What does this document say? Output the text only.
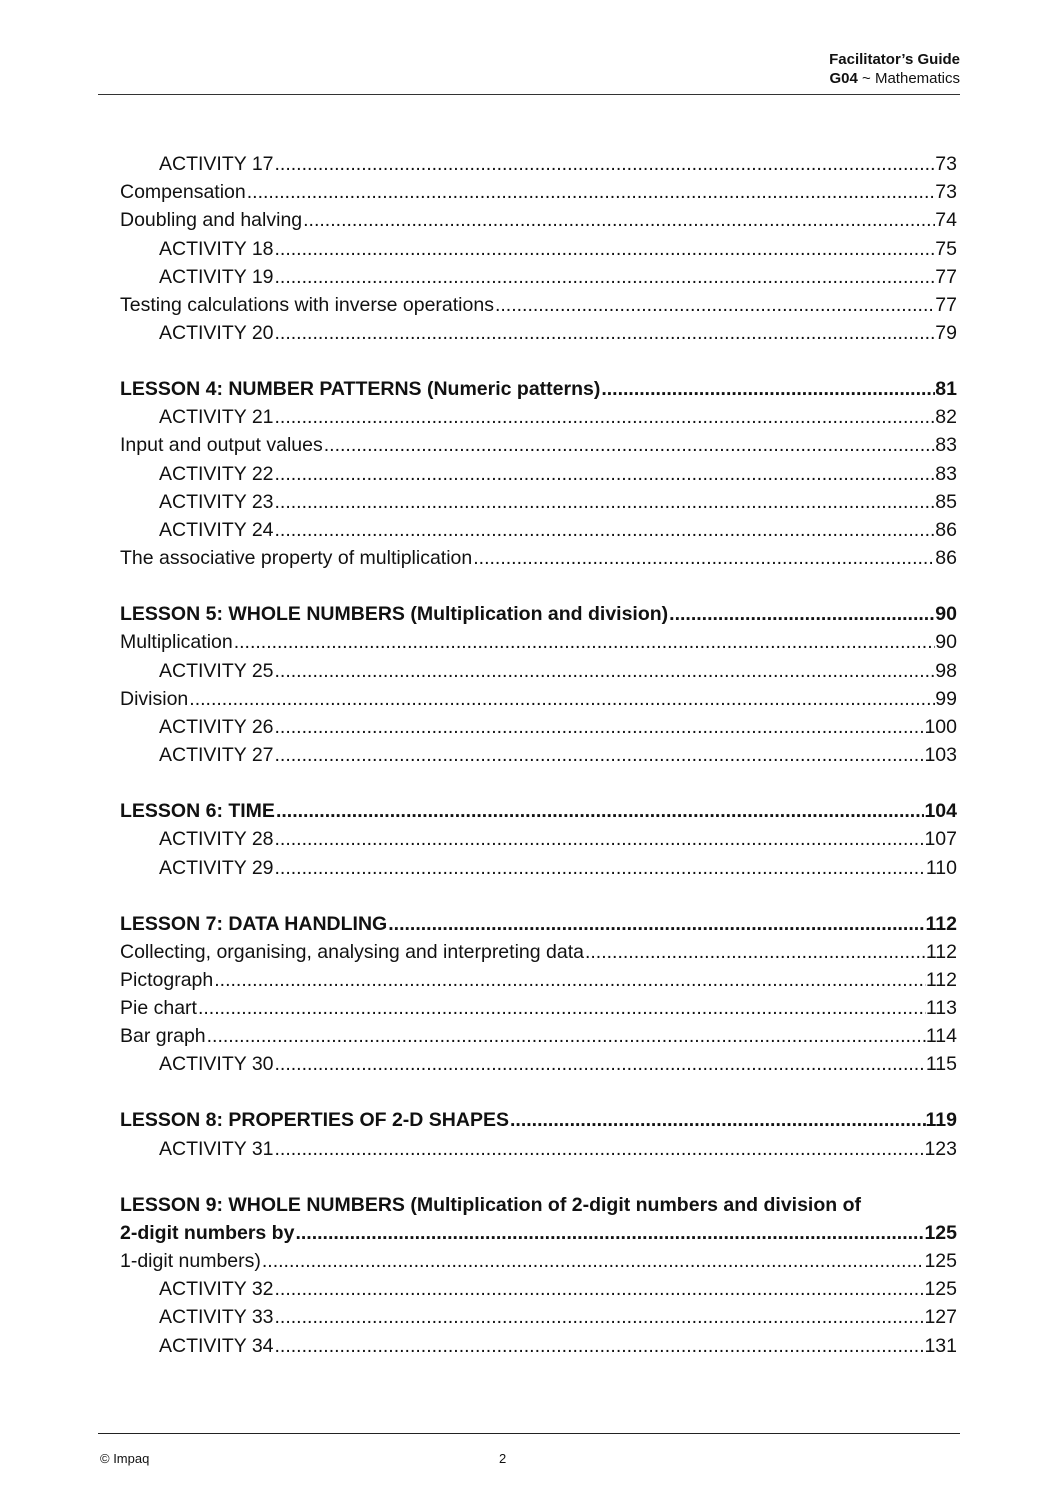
Facilitator’s Guide
G04 ~ Mathematics
ACTIVITY 17 .....	73
Compensation .....	73
Doubling and halving .....	74
ACTIVITY 18 .....	75
ACTIVITY 19 .....	77
Testing calculations with inverse operations .....	77
ACTIVITY 20 .....	79
LESSON 4: NUMBER PATTERNS (Numeric patterns) .....	81
ACTIVITY 21 .....	82
Input and output values .....	83
ACTIVITY 22 .....	83
ACTIVITY 23 .....	85
ACTIVITY 24 .....	86
The associative property of multiplication .....	86
LESSON 5: WHOLE NUMBERS (Multiplication and division) .....	90
Multiplication .....	90
ACTIVITY 25 .....	98
Division .....	99
ACTIVITY 26 .....	100
ACTIVITY 27 .....	103
LESSON 6: TIME .....	104
ACTIVITY 28 .....	107
ACTIVITY 29 .....	110
LESSON 7: DATA HANDLING .....	112
Collecting, organising, analysing and interpreting data .....	112
Pictograph .....	112
Pie chart .....	113
Bar graph .....	114
ACTIVITY 30 .....	115
LESSON 8: PROPERTIES OF 2-D SHAPES .....	119
ACTIVITY 31 .....	123
LESSON 9: WHOLE NUMBERS (Multiplication of 2-digit numbers and division of
2-digit numbers by .....	125
1-digit numbers) .....	125
ACTIVITY 32 .....	125
ACTIVITY 33 .....	127
ACTIVITY 34 .....	131
© Impaq	2
